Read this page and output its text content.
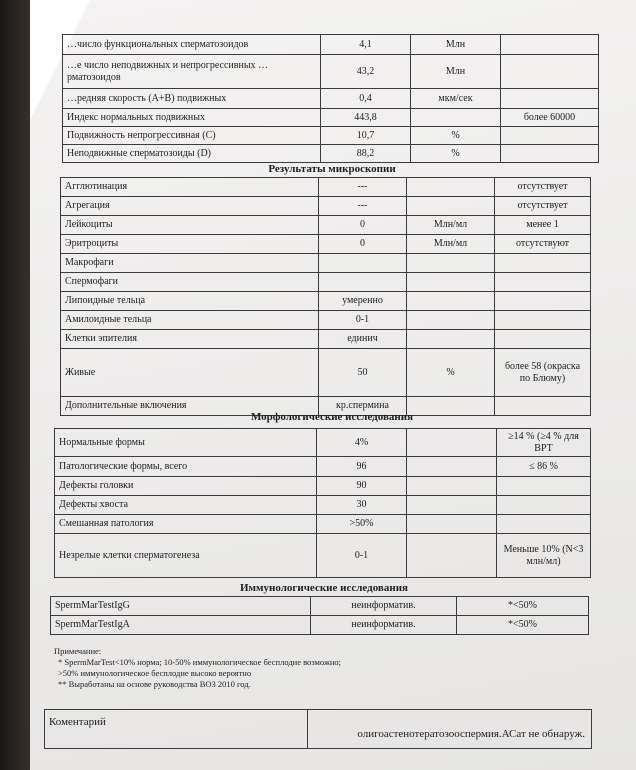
…число функциональных сперматозоидов	4,1	Млн	
…е число неподвижных и непрогрессивных …рматозоидов	43,2	Млн	
…редняя скорость (A+B) подвижных	0,4	мкм/сек	
Индекс нормальных подвижных	443,8		более 60000
Подвижность непрогрессивная (C)	10,7	%	
Неподвижные сперматозоиды (D)	88,2	%	
Результаты микроскопии
Агглютинация	---		отсутствует
Агрегация	---		отсутствует
Лейкоциты	0	Млн/мл	менее 1
Эритроциты	0	Млн/мл	отсутствуют
Макрофаги			
Спермофаги			
Липоидные тельца	умеренно		
Амилоидные тельца	0-1		
Клетки эпителия	единич		
Живые	50	%	более 58 (окраска по Блюму)
Дополнительные включения	кр.спермина		
Морфологические исследования
Нормальные формы	4%		≥14 % (≥4 % для ВРТ
Патологические формы, всего	96		≤ 86 %
Дефекты головки	90		
Дефекты хвоста	30		
Смешанная патология	>50%		
Незрелые клетки сперматогенеза	0-1		Меньше 10% (N<3 млн/мл)
Иммунологические исследования
SpermMarTestIgG	неинформатив.	*<50%
SpermMarTestIgA	неинформатив.	*<50%
Примечание:
* SpermMarTest<10% норма; 10-50% иммунологическое бесплодие возможно;
>50% иммунологическое бесплодие высоко вероятно
** Выработаны на основе руководства ВОЗ 2010 год.
Коментарий
олигоастенотератозооспермия.АСат не обнаруж.
